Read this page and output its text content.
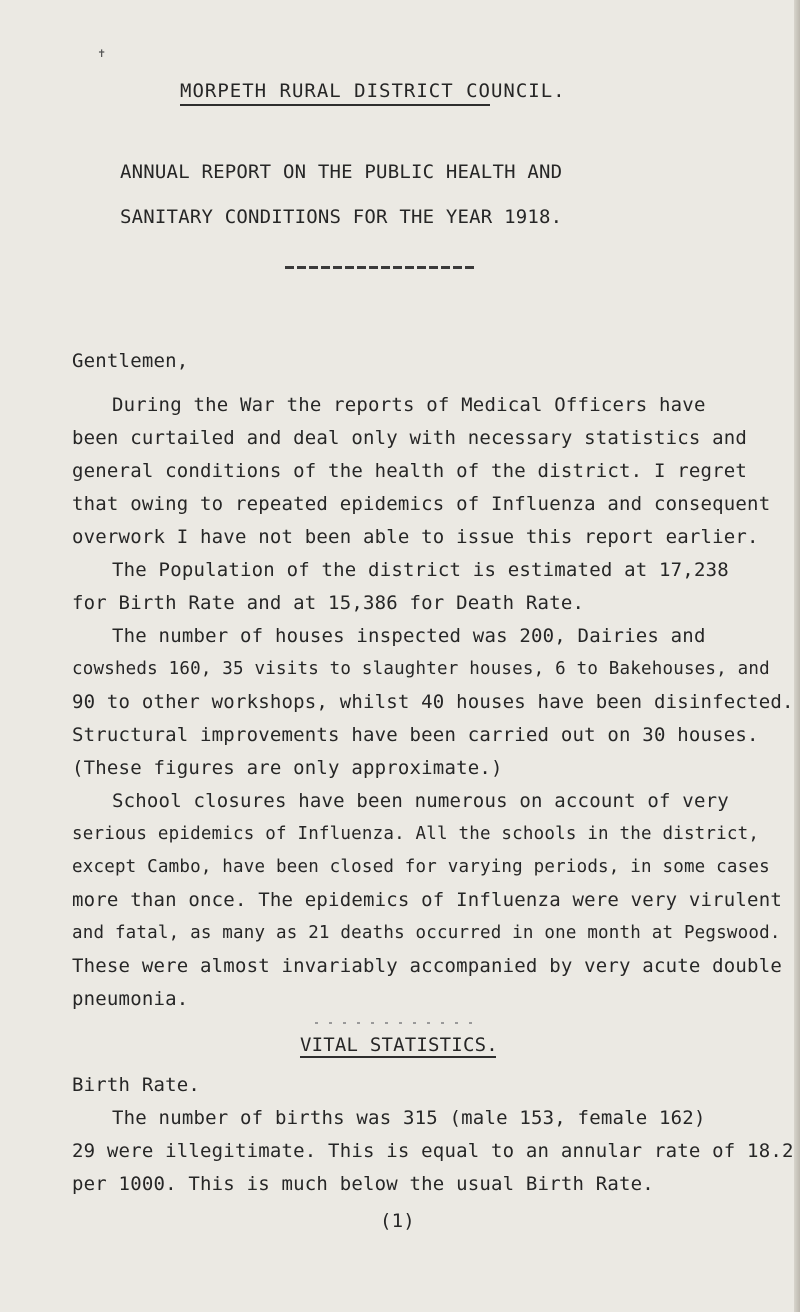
✝
MORPETH RURAL DISTRICT COUNCIL.
ANNUAL REPORT ON THE PUBLIC HEALTH AND
SANITARY CONDITIONS FOR THE YEAR 1918.
Gentlemen,
During the War the reports of Medical Officers have
been curtailed and deal only with necessary statistics and
general conditions of the health of the district. I regret
that owing to repeated epidemics of Influenza and consequent
overwork I have not been able to issue this report earlier.
The Population of the district is estimated at 17,238
for Birth Rate and at 15,386 for Death Rate.
The number of houses inspected was 200, Dairies and
cowsheds 160, 35 visits to slaughter houses, 6 to Bakehouses, and
90 to other workshops, whilst 40 houses have been disinfected.
Structural improvements have been carried out on 30 houses.
(These figures are only approximate.)
School closures have been numerous on account of very
serious epidemics of Influenza. All the schools in the district,
except Cambo, have been closed for varying periods, in some cases
more than once. The epidemics of Influenza were very virulent
and fatal, as many as 21 deaths occurred in one month at Pegswood.
These were almost invariably accompanied by very acute double
pneumonia.
VITAL STATISTICS.
Birth Rate.
The number of births was 315 (male 153, female 162)
29 were illegitimate. This is equal to an annular rate of 18.2
per 1000. This is much below the usual Birth Rate.
(1)
